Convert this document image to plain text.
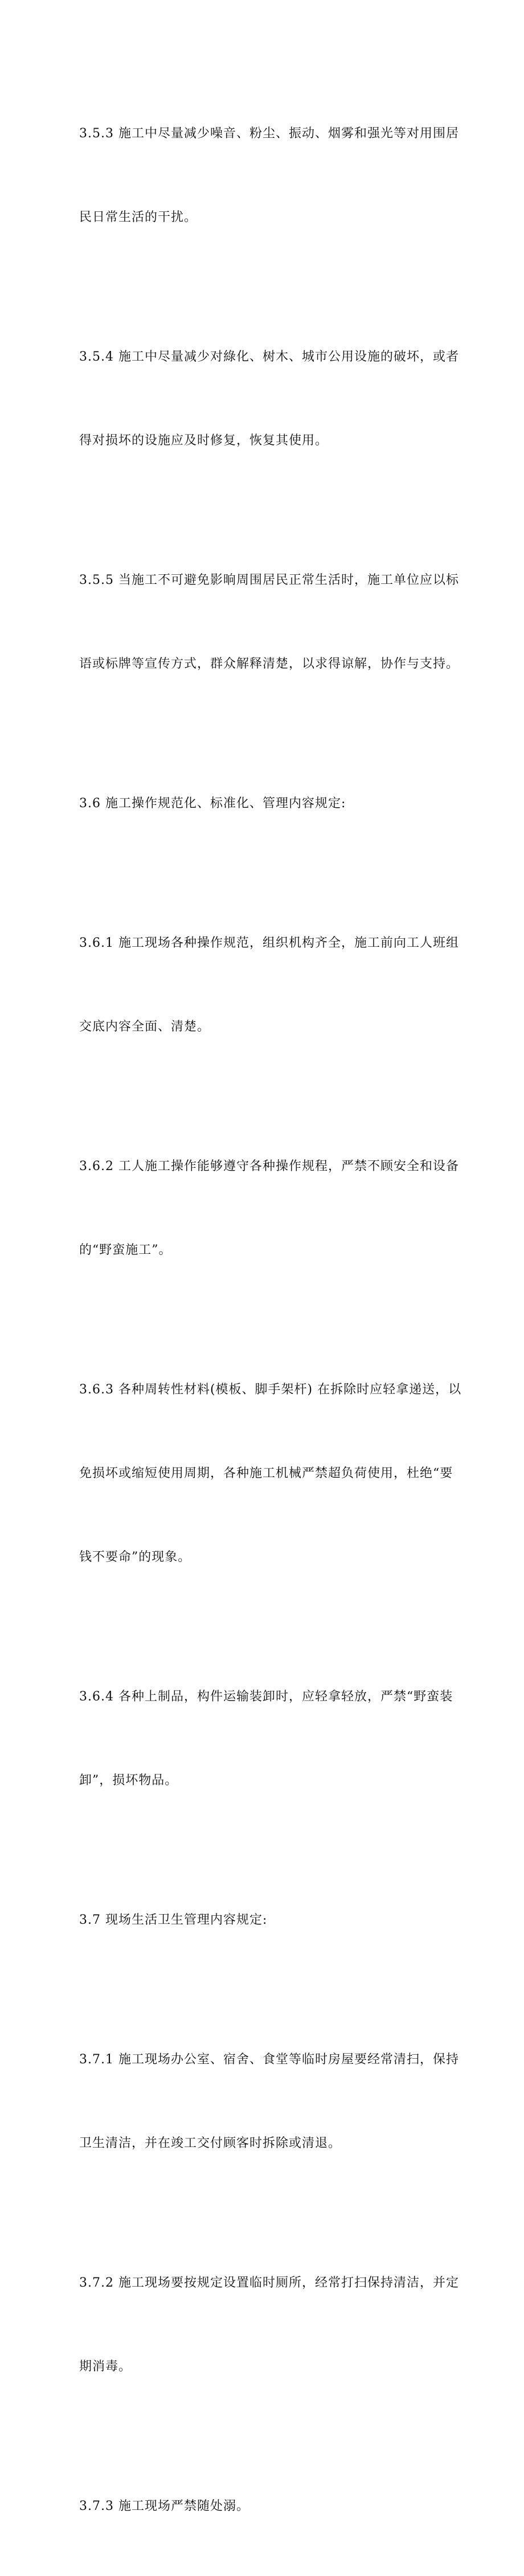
3.5.3 施工中尽量减少噪音、粉尘、振动、烟雾和强光等对用围居

民日常生活的干扰。

3.5.4 施工中尽量减少对綠化、树木、城市公用设施的破坏，或者

得对损坏的设施应及时修复，恢复其使用。

3.5.5 当施工不可避免影晌周围居民正常生活时，施工单位应以标

语或标牌等宣传方式，群众解释清楚，以求得谅解，协作与支持。

3.6 施工操作规范化、标准化、管理内容规定:

3.6.1 施工现场各种操作规范，组织机构齐全，施工前向工人班组

交底内容全面、清楚。

3.6.2 工人施工操作能够遵守各种操作规程，严禁不顾安全和设备

的“野蛮施工”。

3.6.3 各种周转性材料(模板、脚手架杆) 在拆除时应轻拿递送，以

免损坏或缩短使用周期，各种施工机械严禁超负荷使用，杜绝“要

钱不要命”的现象。

3.6.4 各种上制品，构件运输装卸时，应轻拿轻放，严禁“野蛮装

卸”，损坏物品。

3.7 现场生活卫生管理内容规定:

3.7.1 施工现场办公室、宿舍、食堂等临时房屋要经常清扫，保持

卫生清洁，并在竣工交付顾客时拆除或清退。

3.7.2 施工现场要按规定设置临时厕所，经常打扫保持清洁，并定

期消毒。

3.7.3 施工现场严禁随处溺。
